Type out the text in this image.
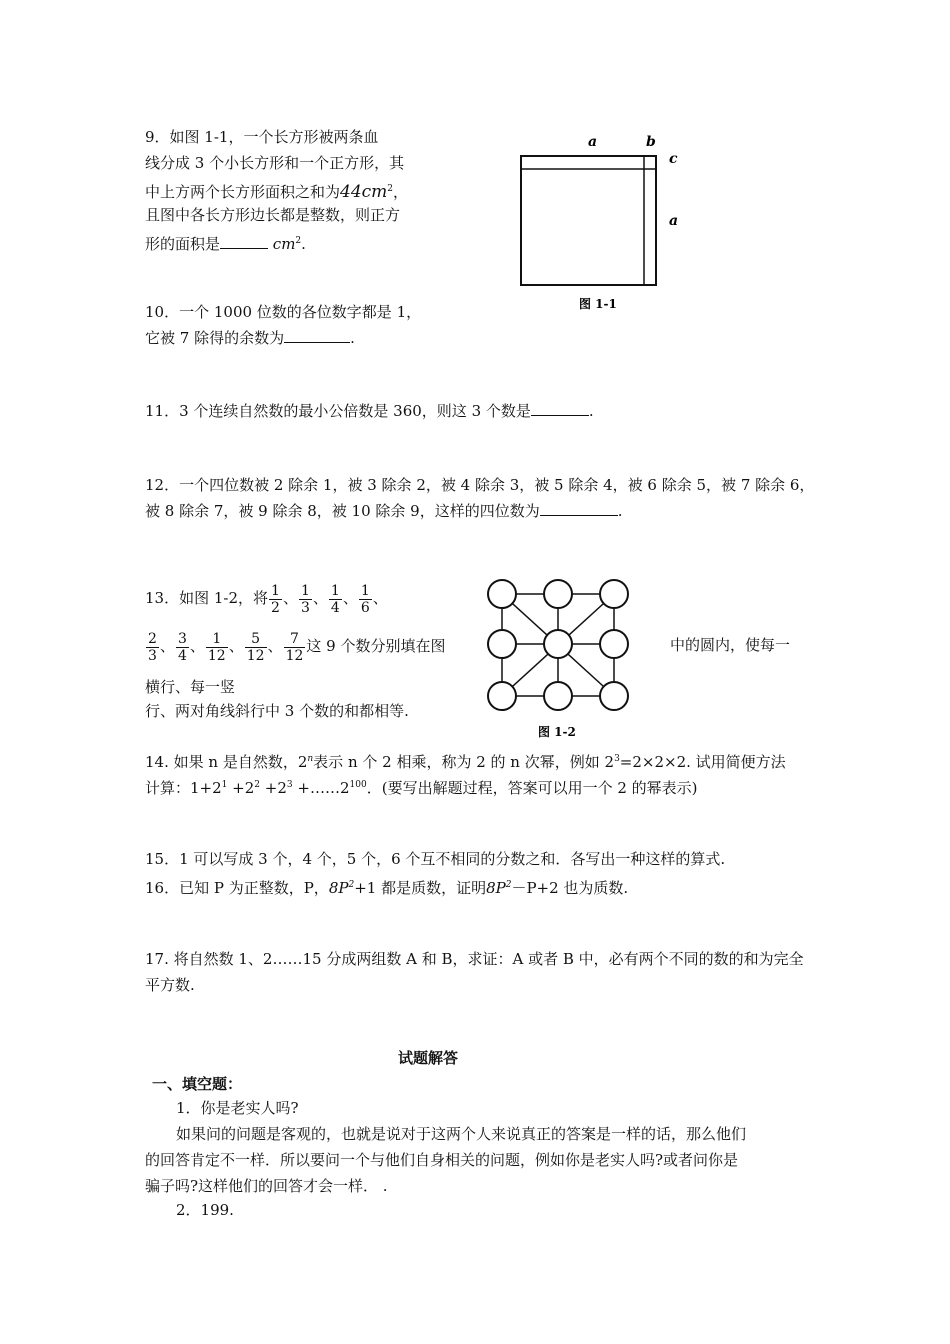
9．如图 1-1，一个长方形被两条血
线分成 3 个小长方形和一个正方形，其
中上方两个长方形面积之和为$44cm^2$，
且图中各长方形边长都是整数，则正方
形的面积是	$cm^2$.
a	b
c
a
图 1-1
10．一个 1000 位数的各位数字都是 1，
它被 7 除得的余数为	.
11．3 个连续自然数的最小公倍数是 360，则这 3 个数是	.
12．一个四位数被 2 除余 1，被 3 除余 2，被 4 除余 3，被 5 除余 4，被 6 除余 5，被 7 除余 6，
被 8 除余 7，被 9 除余 8，被 10 除余 9，这样的四位数为	.
13．如图 1-2，将 $\frac{1}{2}$ 、 $\frac{1}{3}$ 、 $\frac{1}{4}$ 、 $\frac{1}{6}$ 、
$\frac{2}{3}$ 、 $\frac{3}{4}$ 、 $\frac{1}{12}$ 、 $\frac{5}{12}$ 、 $\frac{7}{12}$ 这 9 个数分别填在图	中的圆内，使每一
横行、每一竖
行、两对角线斜行中 3 个数的和都相等.
图 1-2
14. 如果 n 是自然数，2$^n$表示 n 个 2 相乘，称为 2 的 n 次幂，例如 $2^3=2\times 2\times 2$. 试用简便方法
计算：$1+2^1 +2^2 +2^3$ $+\dots\dots 2^{100}$．(要写出解题过程，答案可以用一个 2 的幂表示)
15．1 可以写成 3 个，4 个，5 个，6 个互不相同的分数之和．各写出一种这样的算式.
16．已知 P 为正整数，P，$8P^2+1$ 都是质数，证明$8P^2-P+2$ 也为质数.
17. 将自然数 1、2……15 分成两组数 A 和 B，求证：A 或者 B 中，必有两个不同的数的和为完全
平方数.
试题解答
一、填空题：
1．你是老实人吗?
如果问的问题是客观的，也就是说对于这两个人来说真正的答案是一样的话，那么他们
的回答肯定不一样．所以要问一个与他们自身相关的问题，例如你是老实人吗?或者问你是
骗子吗?这样他们的回答才会一样． .
2．199.
